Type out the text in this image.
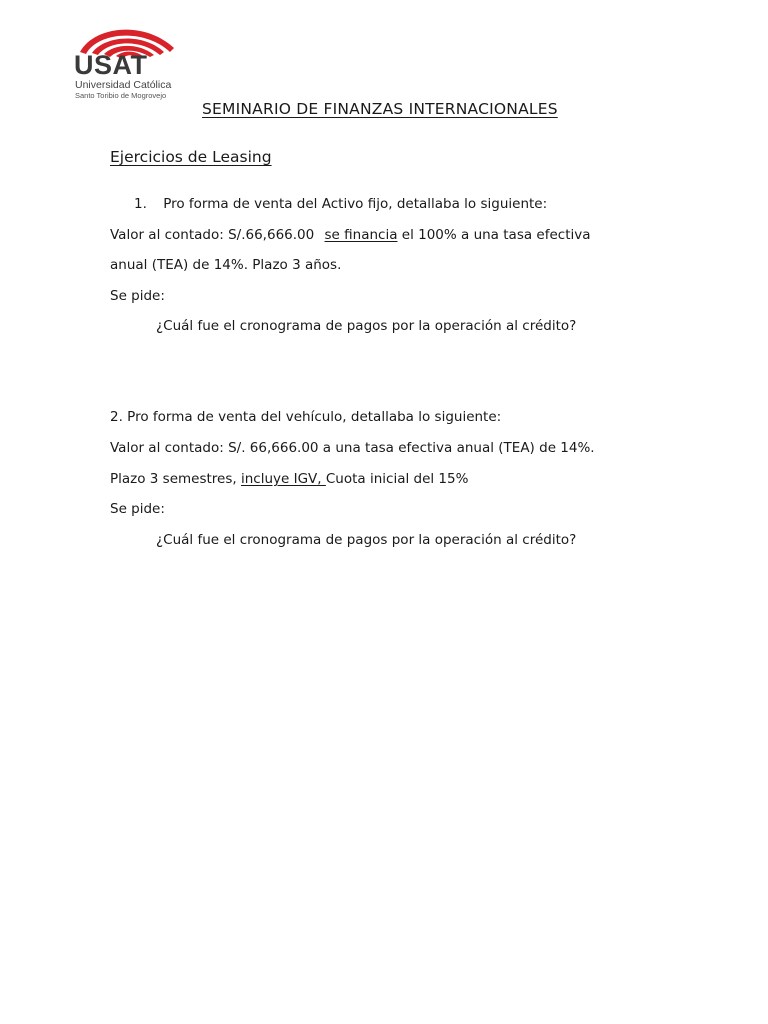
USAT
Universidad Católica
Santo Toribio de Mogrovejo
SEMINARIO DE FINANZAS INTERNACIONALES
Ejercicios de Leasing
1. Pro forma de venta del Activo fijo, detallaba lo siguiente:
Valor al contado: S/.66,666.00 se financia el 100% a una tasa efectiva
anual (TEA) de 14%. Plazo 3 años.
Se pide:
¿Cuál fue el cronograma de pagos por la operación al crédito?
2. Pro forma de venta del vehículo, detallaba lo siguiente:
Valor al contado: S/. 66,666.00 a una tasa efectiva anual (TEA) de 14%.
Plazo 3 semestres, incluye IGV, Cuota inicial del 15%
Se pide:
¿Cuál fue el cronograma de pagos por la operación al crédito?
